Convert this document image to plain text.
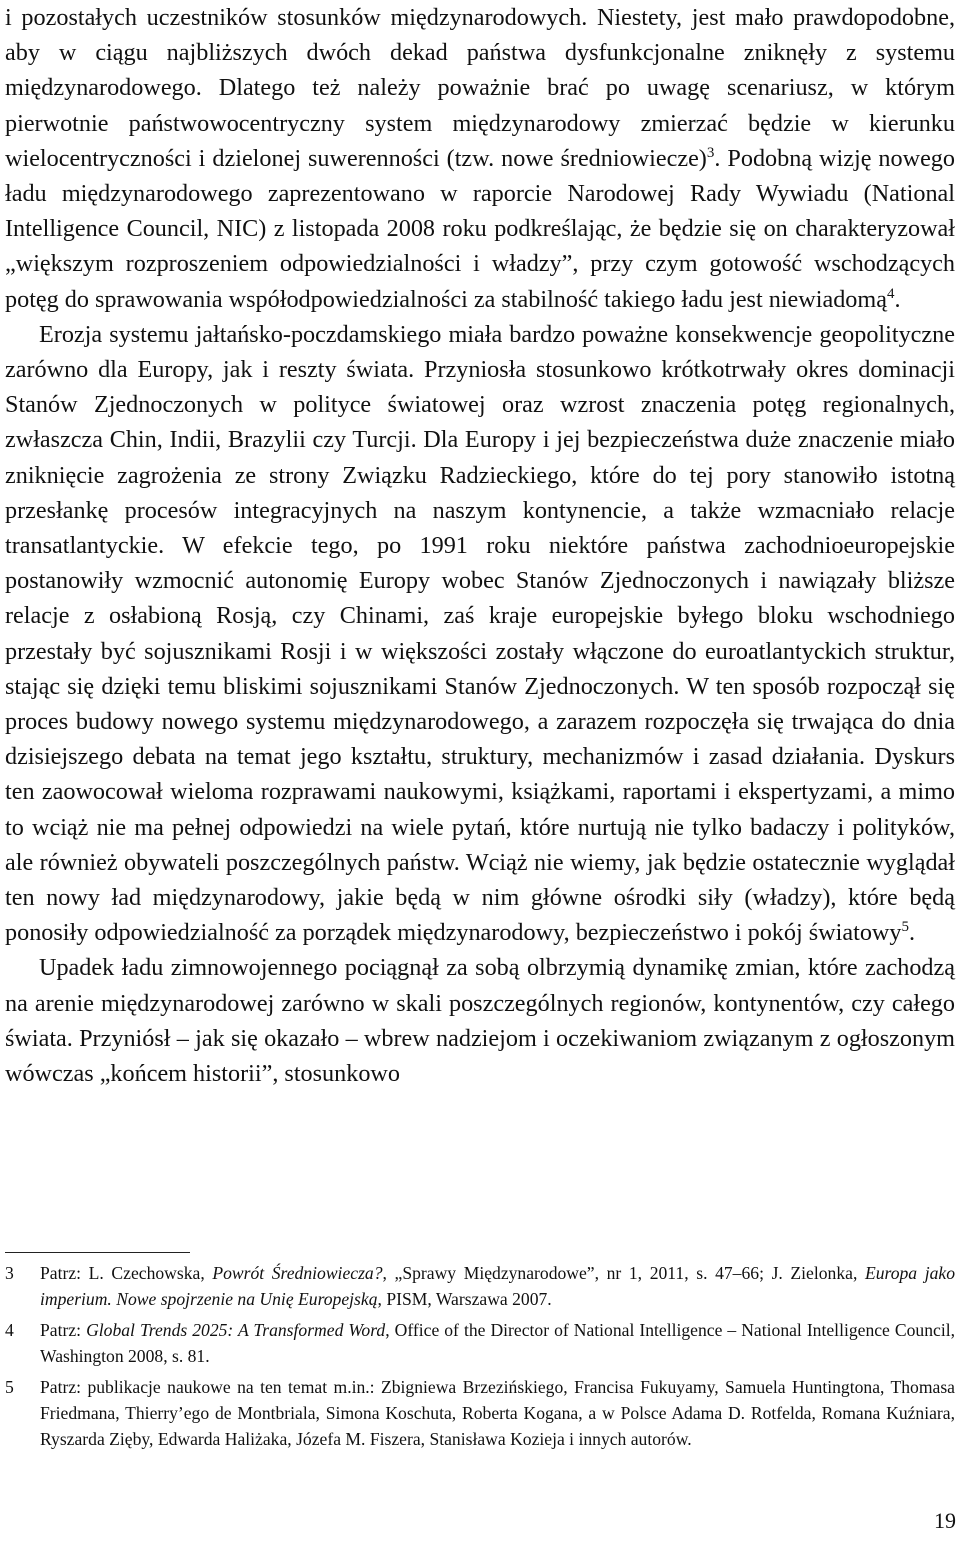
i pozostałych uczestników stosunków międzynarodowych. Niestety, jest mało prawdopodobne, aby w ciągu najbliższych dwóch dekad państwa dysfunkcjonalne zniknęły z systemu międzynarodowego. Dlatego też należy poważnie brać po uwagę scenariusz, w którym pierwotnie państwowocentryczny system międzynarodowy zmierzać będzie w kierunku wielocentryczności i dzielonej suwerenności (tzw. nowe średniowiecze)$^3$. Podobną wizję nowego ładu międzynarodowego zaprezentowano w raporcie Narodowej Rady Wywiadu (National Intelligence Council, NIC) z listopada 2008 roku podkreślając, że będzie się on charakteryzował „większym rozproszeniem odpowiedzialności i władzy”, przy czym gotowość wschodzących potęg do sprawowania współodpowiedzialności za stabilność takiego ładu jest niewiadomą$^4$.

Erozja systemu jałtańsko-poczdamskiego miała bardzo poważne konsekwencje geopolityczne zarówno dla Europy, jak i reszty świata. Przyniosła stosunkowo krótkotrwały okres dominacji Stanów Zjednoczonych w polityce światowej oraz wzrost znaczenia potęg regionalnych, zwłaszcza Chin, Indii, Brazylii czy Turcji. Dla Europy i jej bezpieczeństwa duże znaczenie miało zniknięcie zagrożenia ze strony Związku Radzieckiego, które do tej pory stanowiło istotną przesłankę procesów integracyjnych na naszym kontynencie, a także wzmacniało relacje transatlantyckie. W efekcie tego, po 1991 roku niektóre państwa zachodnioeuropejskie postanowiły wzmocnić autonomię Europy wobec Stanów Zjednoczonych i nawiązały bliższe relacje z osłabioną Rosją, czy Chinami, zaś kraje europejskie byłego bloku wschodniego przestały być sojusznikami Rosji i w większości zostały włączone do euroatlantyckich struktur, stając się dzięki temu bliskimi sojusznikami Stanów Zjednoczonych. W ten sposób rozpoczął się proces budowy nowego systemu międzynarodowego, a zarazem rozpoczęła się trwająca do dnia dzisiejszego debata na temat jego kształtu, struktury, mechanizmów i zasad działania. Dyskurs ten zaowocował wieloma rozprawami naukowymi, książkami, raportami i ekspertyzami, a mimo to wciąż nie ma pełnej odpowiedzi na wiele pytań, które nurtują nie tylko badaczy i polityków, ale również obywateli poszczególnych państw. Wciąż nie wiemy, jak będzie ostatecznie wyglądał ten nowy ład międzynarodowy, jakie będą w nim główne ośrodki siły (władzy), które będą ponosiły odpowiedzialność za porządek międzynarodowy, bezpieczeństwo i pokój światowy$^5$.

Upadek ładu zimnowojennego pociągnął za sobą olbrzymią dynamikę zmian, które zachodzą na arenie międzynarodowej zarówno w skali poszczególnych regionów, kontynentów, czy całego świata. Przyniósł – jak się okazało – wbrew nadziejom i oczekiwaniom związanym z ogłoszonym wówczas „końcem historii”, stosunkowo

3 Patrz: L. Czechowska, Powrót Średniowiecza?, „Sprawy Międzynarodowe”, nr 1, 2011, s. 47–66; J. Zielonka, Europa jako imperium. Nowe spojrzenie na Unię Europejską, PISM, Warszawa 2007.
4 Patrz: Global Trends 2025: A Transformed Word, Office of the Director of National Intelligence – National Intelligence Council, Washington 2008, s. 81.
5 Patrz: publikacje naukowe na ten temat m.in.: Zbigniewa Brzezińskiego, Francisa Fukuyamy, Samuela Huntingtona, Thomasa Friedmana, Thierry’ego de Montbriala, Simona Koschuta, Roberta Kogana, a w Polsce Adama D. Rotfelda, Romana Kuźniara, Ryszarda Zięby, Edwarda Haliżaka, Józefa M. Fiszera, Stanisława Kozieja i innych autorów.
19
